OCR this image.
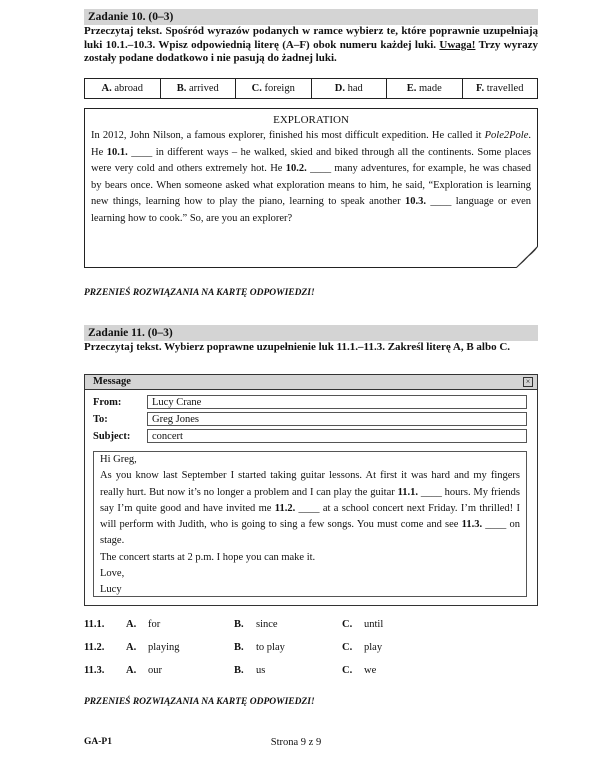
Zadanie 10. (0–3)
Przeczytaj tekst. Spośród wyrazów podanych w ramce wybierz te, które poprawnie uzupełniają luki 10.1.–10.3. Wpisz odpowiednią literę (A–F) obok numeru każdej luki. Uwaga! Trzy wyrazy zostały podane dodatkowo i nie pasują do żadnej luki.
A. abroad	B. arrived	C. foreign	D. had	E. made	F. travelled
EXPLORATION
In 2012, John Nilson, a famous explorer, finished his most difficult expedition. He called it Pole2Pole. He 10.1. ____ in different ways – he walked, skied and biked through all the continents. Some places were very cold and others extremely hot. He 10.2. ____ many adventures, for example, he was chased by bears once. When someone asked what exploration means to him, he said, “Exploration is learning new things, learning how to play the piano, learning to speak another 10.3. ____ language or even learning how to cook.” So, are you an explorer?
PRZENIEŚ ROZWIĄZANIA NA KARTĘ ODPOWIEDZI!
Zadanie 11. (0–3)
Przeczytaj tekst. Wybierz poprawne uzupełnienie luk 11.1.–11.3. Zakreśl literę A, B albo C.
Message	×
From:	Lucy Crane
To:	Greg Jones
Subject:	concert
Hi Greg,
As you know last September I started taking guitar lessons. At first it was hard and my fingers really hurt. But now it’s no longer a problem and I can play the guitar 11.1. ____ hours. My friends say I’m quite good and have invited me 11.2. ____ at a school concert next Friday. I’m thrilled! I will perform with Judith, who is going to sing a few songs. You must come and see 11.3. ____ on stage.
The concert starts at 2 p.m. I hope you can make it.
Love,
Lucy
11.1. A. for	B. since	C. until
11.2. A. playing	B. to play	C. play
11.3. A. our	B. us	C. we
PRZENIEŚ ROZWIĄZANIA NA KARTĘ ODPOWIEDZI!
GA-P1	Strona 9 z 9
